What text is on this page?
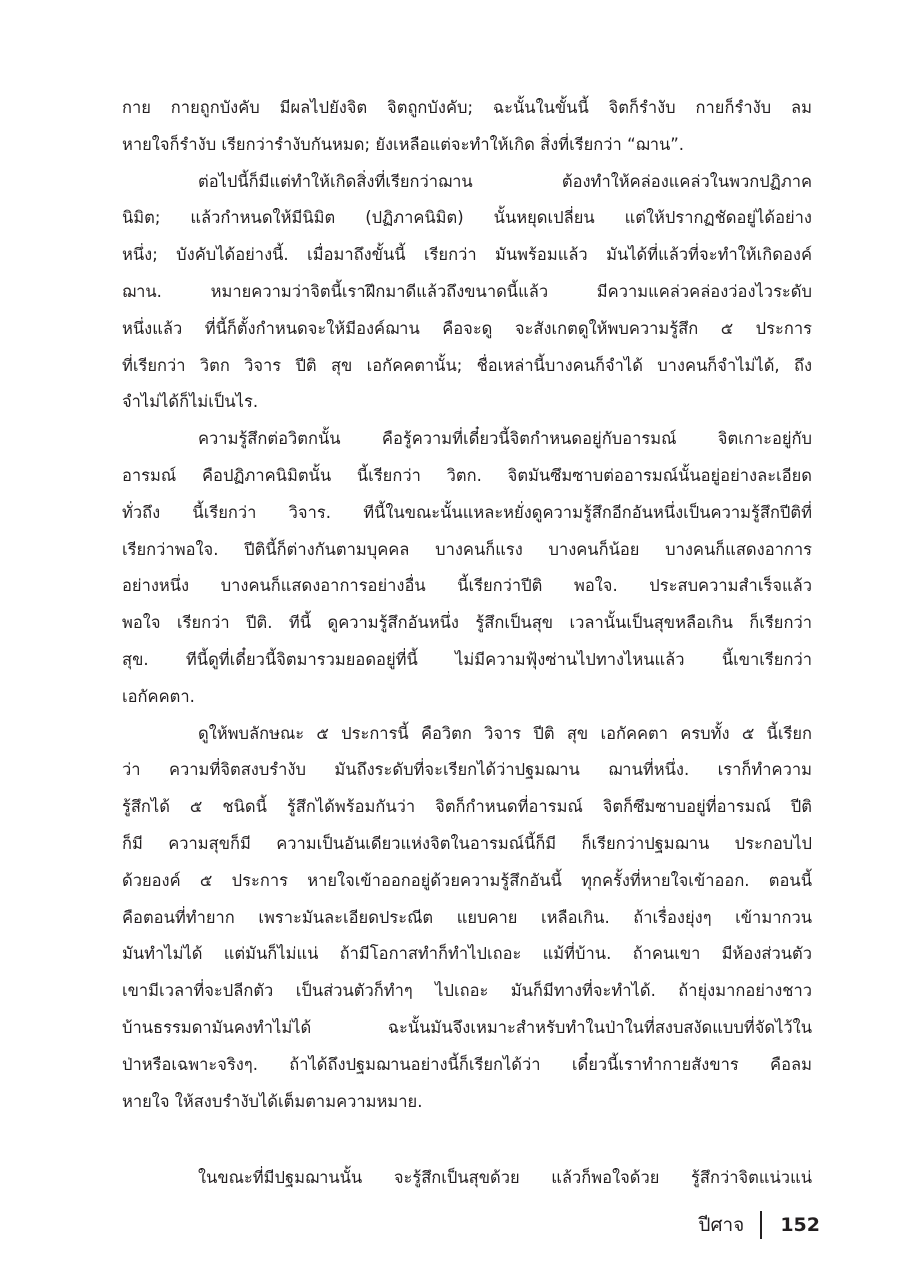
กาย กายถูกบังคับ มีผลไปยังจิต จิตถูกบังคับ; ฉะนั้นในขั้นนี้ จิตก็รำงับ กายก็รำงับ ลม
หายใจก็รำงับ เรียกว่ารำงับกันหมด; ยังเหลือแต่จะทำให้เกิด สิ่งที่เรียกว่า “ฌาน”.
ต่อไปนี้ก็มีแต่ทำให้เกิดสิ่งที่เรียกว่าฌาน ต้องทำให้คล่องแคล่วในพวกปฏิภาค
นิมิต; แล้วกำหนดให้มีนิมิต (ปฏิภาคนิมิต) นั้นหยุดเปลี่ยน แต่ให้ปรากฏชัดอยู่ได้อย่าง
หนึ่ง; บังคับได้อย่างนี้. เมื่อมาถึงขั้นนี้ เรียกว่า มันพร้อมแล้ว มันได้ที่แล้วที่จะทำให้เกิดองค์
ฌาน. หมายความว่าจิตนี้เราฝึกมาดีแล้วถึงขนาดนี้แล้ว มีความแคล่วคล่องว่องไวระดับ
หนึ่งแล้ว ที่นี้ก็ตั้งกำหนดจะให้มีองค์ฌาน คือจะดู จะสังเกตดูให้พบความรู้สึก ๕ ประการ
ที่เรียกว่า วิตก วิจาร ปีติ สุข เอกัคคตานั้น; ชื่อเหล่านี้บางคนก็จำได้ บางคนก็จำไม่ได้, ถึง
จำไม่ได้ก็ไม่เป็นไร.
ความรู้สึกต่อวิตกนั้น คือรู้ความที่เดี๋ยวนี้จิตกำหนดอยู่กับอารมณ์ จิตเกาะอยู่กับ
อารมณ์ คือปฏิภาคนิมิตนั้น นี้เรียกว่า วิตก. จิตมันซึมซาบต่ออารมณ์นั้นอยู่อย่างละเอียด
ทั่วถึง นี้เรียกว่า วิจาร. ทีนี้ในขณะนั้นแหละหยั่งดูความรู้สึกอีกอันหนึ่งเป็นความรู้สึกปีติที่
เรียกว่าพอใจ. ปีตินี้ก็ต่างกันตามบุคคล บางคนก็แรง บางคนก็น้อย บางคนก็แสดงอาการ
อย่างหนึ่ง บางคนก็แสดงอาการอย่างอื่น นี้เรียกว่าปีติ พอใจ. ประสบความสำเร็จแล้ว
พอใจ เรียกว่า ปีติ. ทีนี้ ดูความรู้สึกอันหนึ่ง รู้สึกเป็นสุข เวลานั้นเป็นสุขหลือเกิน ก็เรียกว่า
สุข. ทีนี้ดูที่เดี๋ยวนี้จิตมารวมยอดอยู่ที่นี้ ไม่มีความฟุ้งซ่านไปทางไหนแล้ว นี้เขาเรียกว่า
เอกัคคตา.
ดูให้พบลักษณะ ๕ ประการนี้ คือวิตก วิจาร ปีติ สุข เอกัคคตา ครบทั้ง ๕ นี้เรียก
ว่า ความที่จิตสงบรำงับ มันถึงระดับที่จะเรียกได้ว่าปฐมฌาน ฌานที่หนึ่ง. เราก็ทำความ
รู้สึกได้ ๕ ชนิดนี้ รู้สึกได้พร้อมกันว่า จิตก็กำหนดที่อารมณ์ จิตก็ซึมซาบอยู่ที่อารมณ์ ปีติ
ก็มี ความสุขก็มี ความเป็นอันเดียวแห่งจิตในอารมณ์นี้ก็มี ก็เรียกว่าปฐมฌาน ประกอบไป
ด้วยองค์ ๕ ประการ หายใจเข้าออกอยู่ด้วยความรู้สึกอันนี้ ทุกครั้งที่หายใจเข้าออก. ตอนนี้
คือตอนที่ทำยาก เพราะมันละเอียดประณีต แยบคาย เหลือเกิน. ถ้าเรื่องยุ่งๆ เข้ามากวน
มันทำไม่ได้ แต่มันก็ไม่แน่ ถ้ามีโอกาสทำก็ทำไปเถอะ แม้ที่บ้าน. ถ้าคนเขา มีห้องส่วนตัว
เขามีเวลาที่จะปลีกตัว เป็นส่วนตัวก็ทำๆ ไปเถอะ มันก็มีทางที่จะทำได้. ถ้ายุ่งมากอย่างชาว
บ้านธรรมดามันคงทำไม่ได้ ฉะนั้นมันจึงเหมาะสำหรับทำในป่าในที่สงบสงัดแบบที่จัดไว้ใน
ป่าหรือเฉพาะจริงๆ. ถ้าได้ถึงปฐมฌานอย่างนี้ก็เรียกได้ว่า เดี๋ยวนี้เราทำกายสังขาร คือลม
หายใจ ให้สงบรำงับได้เต็มตามความหมาย.
ในขณะที่มีปฐมฌานนั้น จะรู้สึกเป็นสุขด้วย แล้วก็พอใจด้วย รู้สึกว่าจิตแน่วแน่
ปีศาจ 152
